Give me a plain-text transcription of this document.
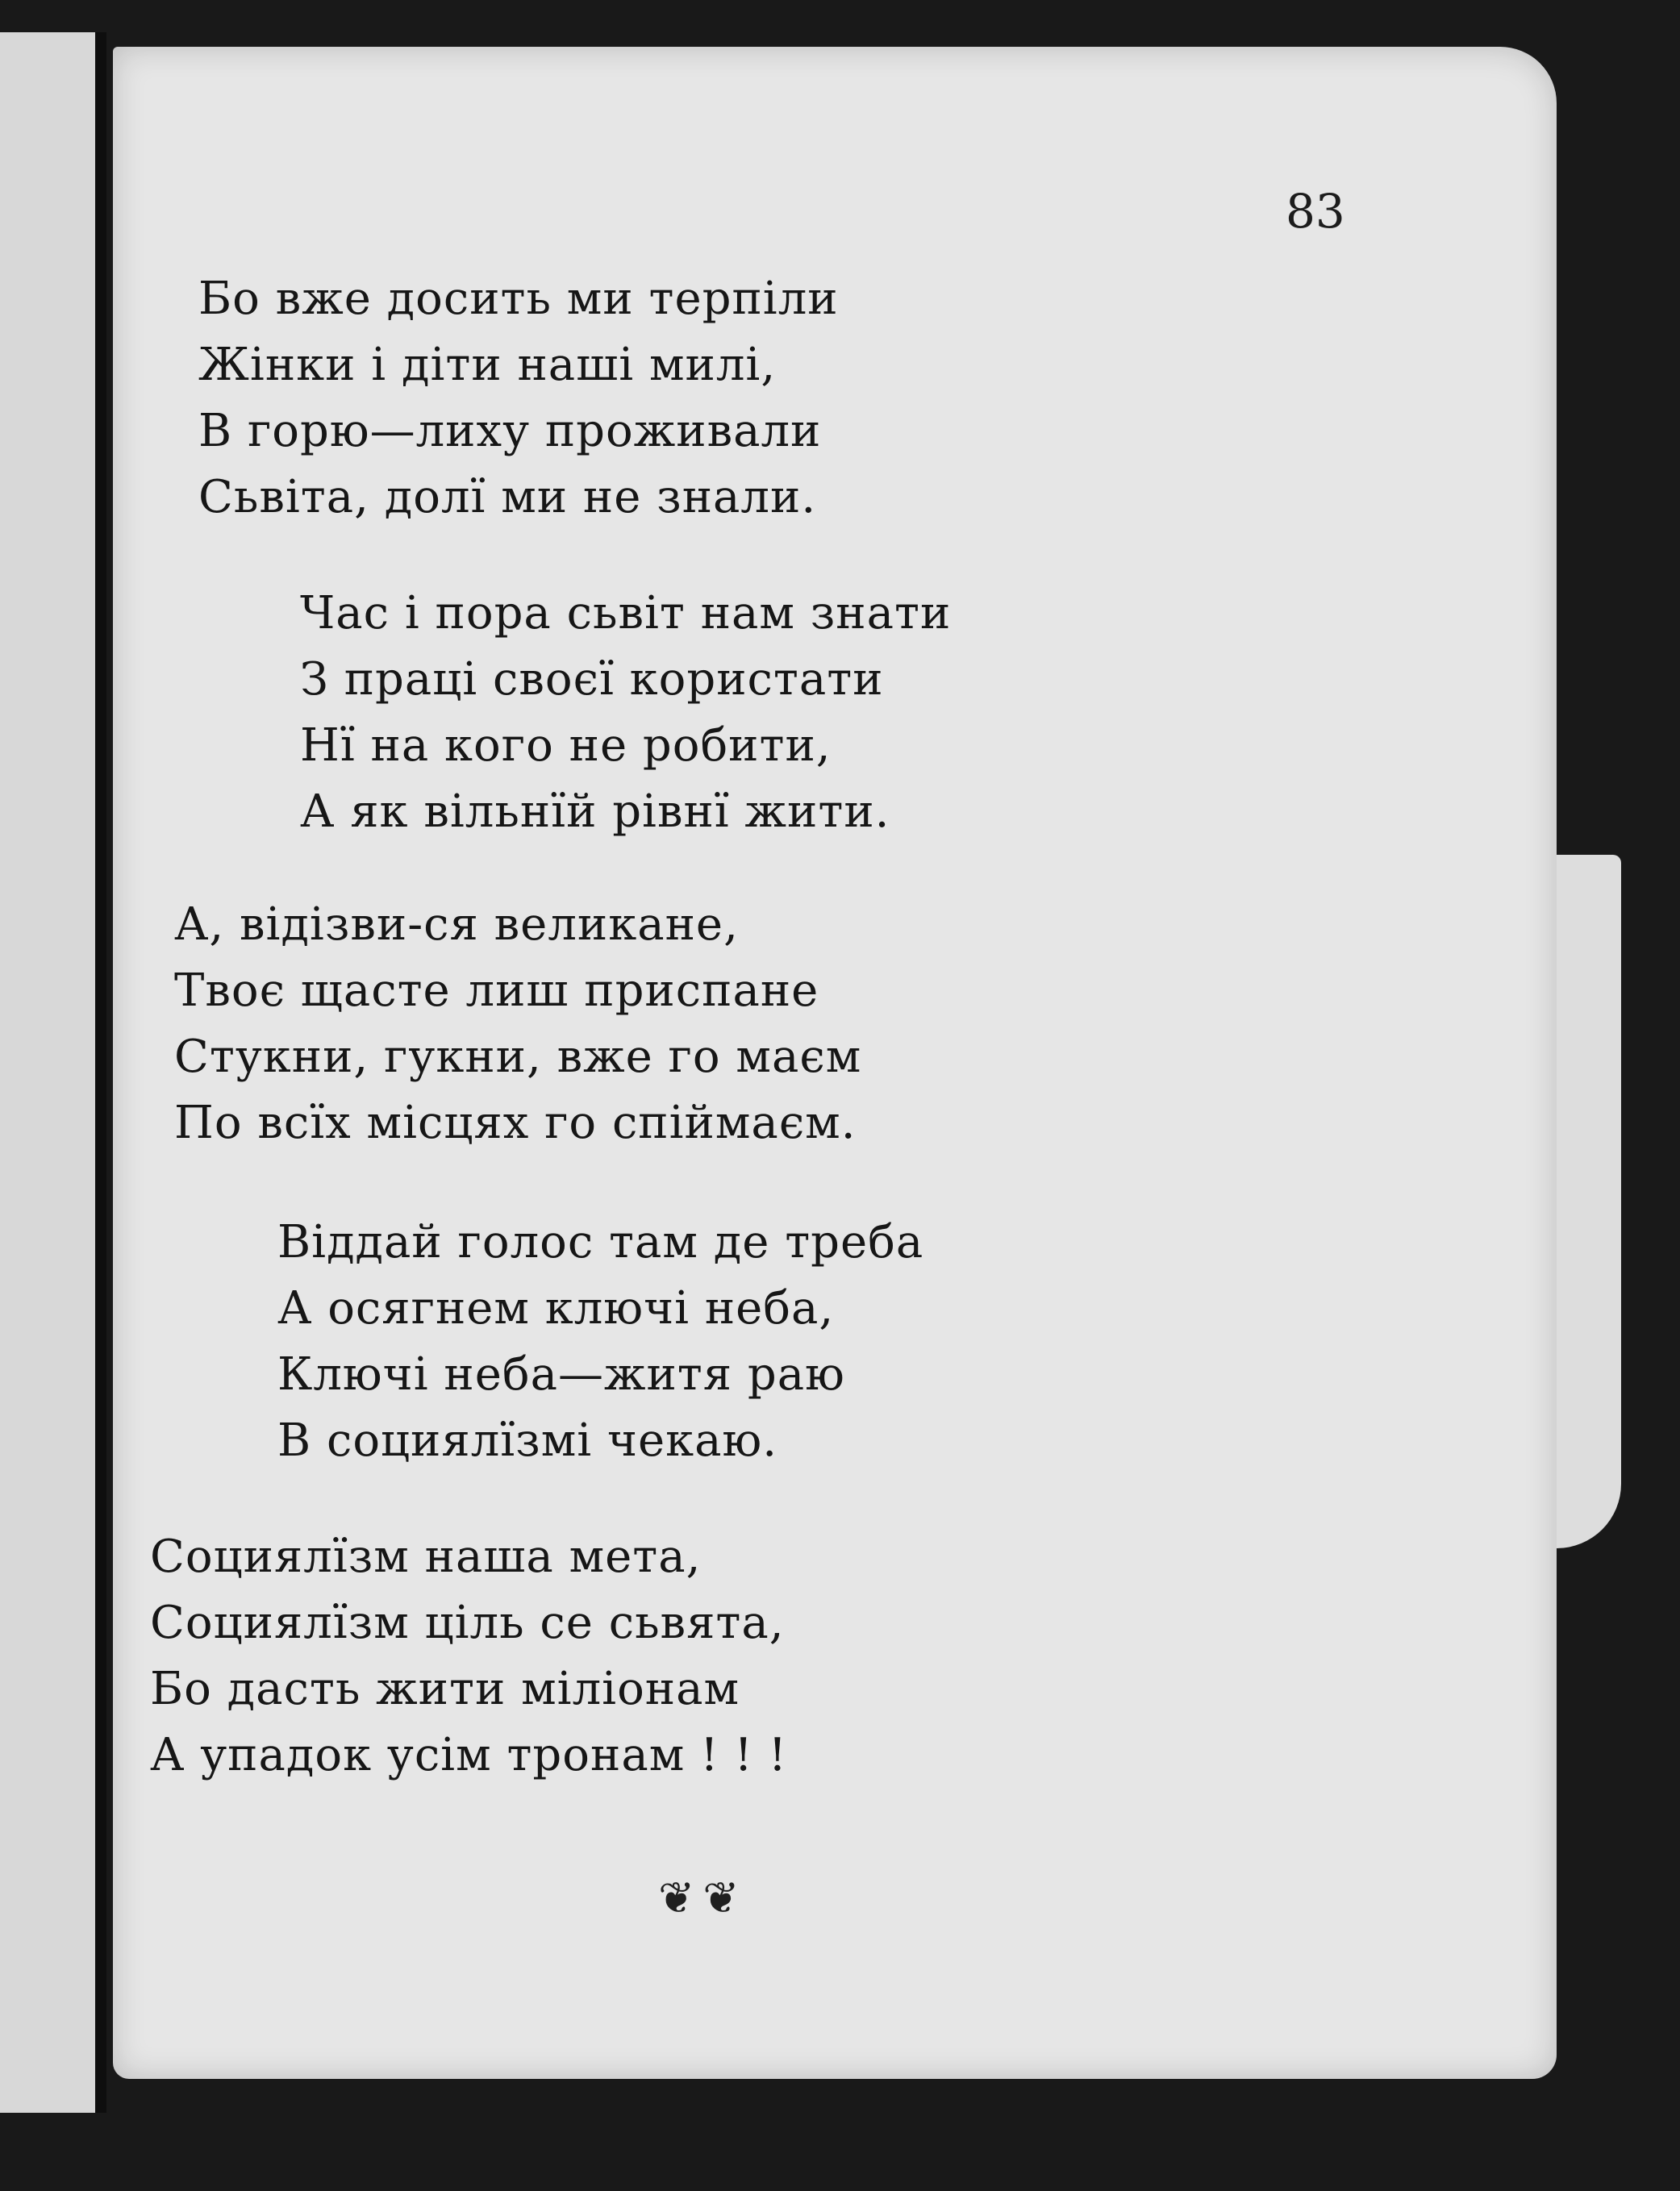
83
Бо вже досить ми терпіли
Жінки і діти наші милі,
В горю—лиху проживали
Сьвіта, долї ми не знали.
Час і пора сьвіт нам знати
З праці своєї користати
Нї на кого не робити,
А як вільнїй рівнї жити.
А, відізви-ся великане,
Твоє щасте лиш приспане
Стукни, гукни, вже го маєм
По всїх місцях го спіймаєм.
Віддай голос там де треба
А осягнем ключі неба,
Ключі неба—житя раю
В социялїзмі чекаю.
Социялїзм наша мета,
Социялїзм ціль се сьвята,
Бо дасть жити міліонам
А упадок усім тронам ! ! !
❦❦
